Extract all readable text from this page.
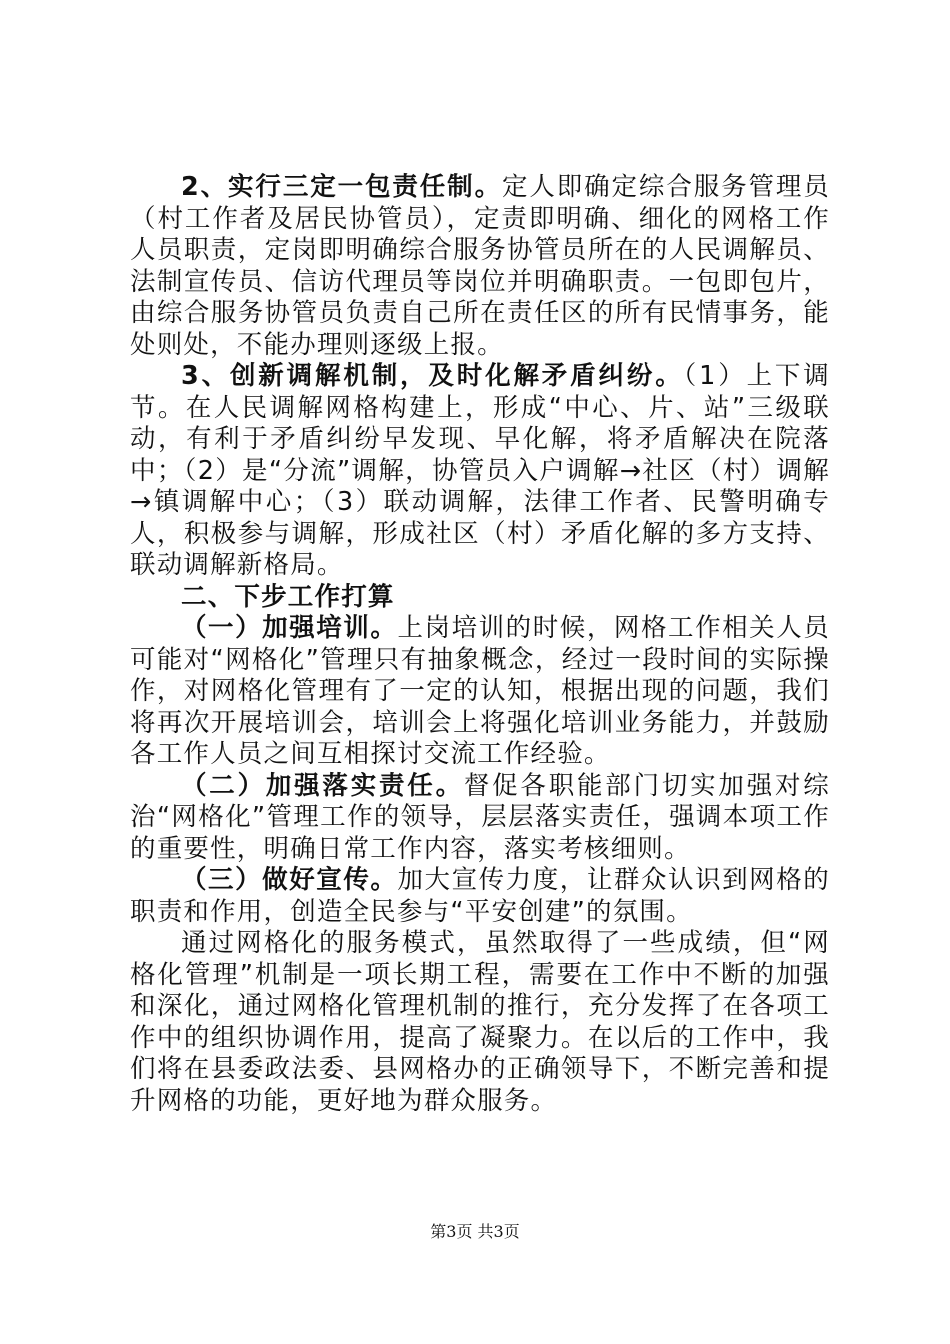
2、实行三定一包责任制。定人即确定综合服务管理员（村工作者及居民协管员），定责即明确、细化的网格工作人员职责，定岗即明确综合服务协管员所在的人民调解员、法制宣传员、信访代理员等岗位并明确职责。一包即包片，由综合服务协管员负责自己所在责任区的所有民情事务，能处则处，不能办理则逐级上报。

3、创新调解机制，及时化解矛盾纠纷。（1）上下调节。在人民调解网格构建上，形成“中心、片、站”三级联动，有利于矛盾纠纷早发现、早化解，将矛盾解决在院落中；（2）是“分流”调解，协管员入户调解→社区（村）调解→镇调解中心；（3）联动调解，法律工作者、民警明确专人，积极参与调解，形成社区（村）矛盾化解的多方支持、联动调解新格局。

二、下步工作打算

（一）加强培训。上岗培训的时候，网格工作相关人员可能对“网格化”管理只有抽象概念，经过一段时间的实际操作，对网格化管理有了一定的认知，根据出现的问题，我们将再次开展培训会，培训会上将强化培训业务能力，并鼓励各工作人员之间互相探讨交流工作经验。

（二）加强落实责任。督促各职能部门切实加强对综治“网格化”管理工作的领导，层层落实责任，强调本项工作的重要性，明确日常工作内容，落实考核细则。

（三）做好宣传。加大宣传力度，让群众认识到网格的职责和作用，创造全民参与“平安创建”的氛围。

通过网格化的服务模式，虽然取得了一些成绩，但“网格化管理”机制是一项长期工程，需要在工作中不断的加强和深化，通过网格化管理机制的推行，充分发挥了在各项工作中的组织协调作用，提高了凝聚力。在以后的工作中，我们将在县委政法委、县网格办的正确领导下，不断完善和提升网格的功能，更好地为群众服务。

第3页 共3页
